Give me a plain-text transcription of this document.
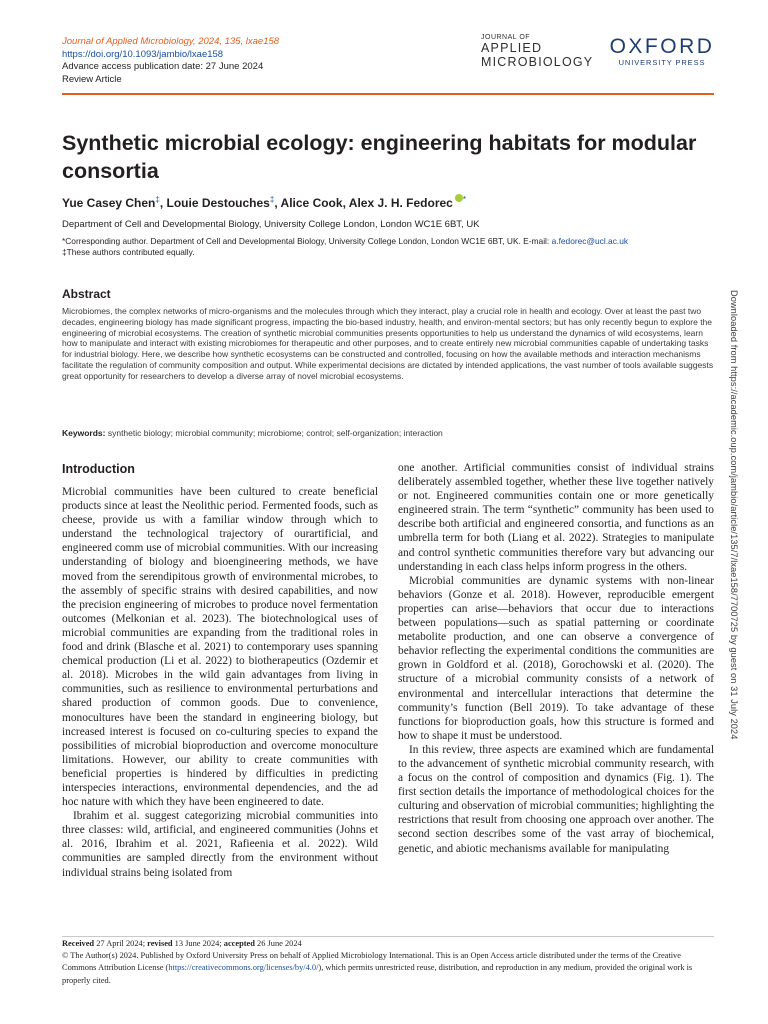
Journal of Applied Microbiology, 2024, 135, lxae158
https://doi.org/10.1093/jambio/lxae158
Advance access publication date: 27 June 2024
Review Article
JOURNAL OF
APPLIED
MICROBIOLOGY
OXFORD
UNIVERSITY PRESS
Synthetic microbial ecology: engineering habitats for modular consortia
Yue Casey Chen‡, Louie Destouches‡, Alice Cook, Alex J. H. Fedorec *
Department of Cell and Developmental Biology, University College London, London WC1E 6BT, UK
*Corresponding author. Department of Cell and Developmental Biology, University College London, London WC1E 6BT, UK. E-mail: a.fedorec@ucl.ac.uk
‡These authors contributed equally.
Abstract
Microbiomes, the complex networks of micro-organisms and the molecules through which they interact, play a crucial role in health and ecology. Over at least the past two decades, engineering biology has made significant progress, impacting the bio-based industry, health, and environ-mental sectors; but has only recently begun to explore the engineering of microbial ecosystems. The creation of synthetic microbial communities presents opportunities to help us understand the dynamics of wild ecosystems, learn how to manipulate and interact with existing microbiomes for therapeutic and other purposes, and to create entirely new microbial communities capable of undertaking tasks for industrial biology. Here, we describe how synthetic ecosystems can be constructed and controlled, focusing on how the available methods and interaction mechanisms facilitate the regulation of community composition and output. While experimental decisions are dictated by intended applications, the vast number of tools available suggests great opportunity for researchers to develop a diverse array of novel microbial ecosystems.
Keywords: synthetic biology; microbial community; microbiome; control; self-organization; interaction
Introduction

Microbial communities have been cultured to create beneficial products since at least the Neolithic period. Fermented foods, such as cheese, provide us with a familiar window through which to understand the technological trajectory of ourartificial, and engineered comm use of microbial communities. With our increasing understanding of biology and bioengineering methods, we have moved from the serendipitous growth of environmental microbes, to the assembly of specific strains with desired capabilities, and now the precision engineering of microbes to produce novel fermentation outcomes (Melkonian et al. 2023). The biotechnological uses of microbial communities are expanding from the traditional roles in food and drink (Blasche et al. 2021) to contemporary uses spanning chemical production (Li et al. 2022) to biotherapeutics (Ozdemir et al. 2018). Microbes in the wild gain advantages from living in communities, such as resilience to environmental perturbations and shared production of common goods. Due to convenience, monocultures have been the standard in engineering biology, but increased interest is focused on co-culturing species to expand the possibilities of microbial bioproduction and overcome monoculture limitations. However, our ability to create communities with beneficial properties is hindered by difficulties in predicting interspecies interactions, environmental dependencies, and the ad hoc nature with which they have been engineered to date.

Ibrahim et al. suggest categorizing microbial communities into three classes: wild, artificial, and engineered communities (Johns et al. 2016, Ibrahim et al. 2021, Rafieenia et al. 2022). Wild communities are sampled directly from the environment without individual strains being isolated from

one another. Artificial communities consist of individual strains deliberately assembled together, whether these live together natively or not. Engineered communities contain one or more genetically engineered strain. The term “synthetic” community has been used to describe both artificial and engineered consortia, and functions as an umbrella term for both (Liang et al. 2022). Strategies to manipulate and control synthetic communities therefore vary but advancing our understanding in each class helps inform progress in the others.

Microbial communities are dynamic systems with non-linear behaviors (Gonze et al. 2018). However, reproducible emergent properties can arise—behaviors that occur due to interactions between populations—such as spatial patterning or coordinate metabolite production, and one can observe a convergence of behavior reflecting the experimental conditions the communities are grown in Goldford et al. (2018), Gorochowski et al. (2020). The structure of a microbial community consists of a network of environmental and intercellular interactions that determine the community’s function (Bell 2019). To take advantage of these functions for bioproduction goals, how this structure is formed and how to shape it must be understood.

In this review, three aspects are examined which are fundamental to the advancement of synthetic microbial community research, with a focus on the control of composition and dynamics (Fig. 1). The first section details the importance of methodological choices for the culturing and observation of microbial communities; highlighting the restrictions that result from choosing one approach over another. The second section describes some of the vast array of biochemical, genetic, and abiotic mechanisms available for manipulating

Downloaded from https://academic.oup.com/jambio/article/135/7/lxae158/7700725 by guest on 31 July 2024
Received 27 April 2024; revised 13 June 2024; accepted 26 June 2024
© The Author(s) 2024. Published by Oxford University Press on behalf of Applied Microbiology International. This is an Open Access article distributed under the terms of the Creative Commons Attribution License (https://creativecommons.org/licenses/by/4.0/), which permits unrestricted reuse, distribution, and reproduction in any medium, provided the original work is properly cited.
